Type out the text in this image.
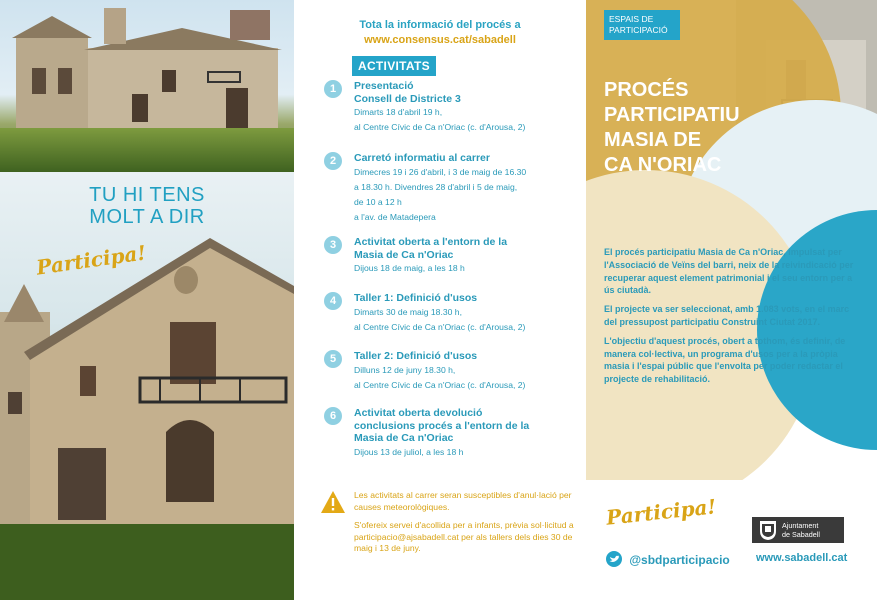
TU HI TENS
MOLT A DIR
Participa!
Tota la informació del procés a
www.consensus.cat/sabadell
ACTIVITATS
1	Presentació
Consell de Districte 3
Dimarts 18 d'abril 19 h,
al Centre Cívic de Ca n'Oriac (c. d'Arousa, 2)
2	Carretó informatiu al carrer
Dimecres 19 i 26 d'abril, i 3 de maig de 16.30
a 18.30 h. Divendres 28 d'abril i 5 de maig,
de 10 a 12 h
a l'av. de Matadepera
3	Activitat oberta a l'entorn de la
Masia de Ca n'Oriac
Dijous 18 de maig, a les 18 h
4	Taller 1: Definició d'usos
Dimarts 30 de maig 18.30 h,
al Centre Cívic de Ca n'Oriac (c. d'Arousa, 2)
5	Taller 2: Definició d'usos
Dilluns 12 de juny 18.30 h,
al Centre Cívic de Ca n'Oriac (c. d'Arousa, 2)
6	Activitat oberta devolució
conclusions procés a l'entorn de la
Masia de Ca n'Oriac
Dijous 13 de juliol, a les 18 h

Les activitats al carrer seran susceptibles d'anul·lació per causes meteorològiques.

S'ofereix servei d'acollida per a infants, prèvia sol·licitud a participacio@ajsabadell.cat per als tallers dels dies 30 de maig i 13 de juny.

ESPAIS DE PARTICIPACIÓ
PROCÉS
PARTICIPATIU
MASIA DE
CA N'ORIAC

El procés participatiu Masia de Ca n'Oriac, impulsat per l'Associació de Veïns del barri, neix de la reivindicació per recuperar aquest element patrimonial i el seu entorn per a ús ciutadà.

El projecte va ser seleccionat, amb 1.083 vots, en el marc del pressupost participatiu Construint Ciutat 2017.

L'objectiu d'aquest procés, obert a tothom, és definir, de manera col·lectiva, un programa d'usos per a la pròpia masia i l'espai públic que l'envolta per poder redactar el projecte de rehabilitació.

Participa!	Ajuntament
de Sabadell
@sbdparticipacio www.sabadell.cat
